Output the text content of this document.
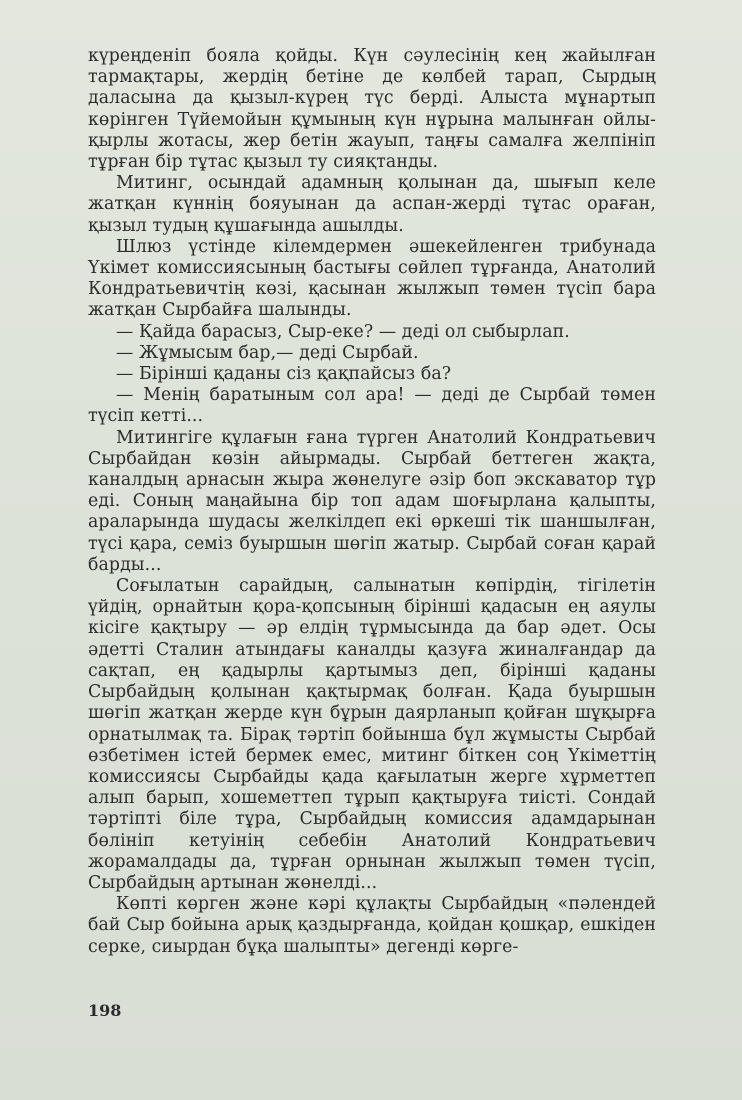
күреңденіп бояла қойды. Күн сәулесінің кең жайылған тармақтары, жердің бетіне де көлбей тарап, Сырдың даласына да қызыл-күрең түс берді. Алыста мұнартып көрінген Түйемойын құмының күн нұрына малынған ойлы-қырлы жотасы, жер бетін жауып, таңғы самалға желпініп тұрған бір тұтас қызыл ту сияқтанды.

Митинг, осындай адамның қолынан да, шығып келе жатқан күннің бояуынан да аспан-жерді тұтас ораған, қызыл тудың құшағында ашылды.

Шлюз үстінде кілемдермен әшекейленген трибунада Үкімет комиссиясының бастығы сөйлеп тұрғанда, Анатолий Кондратьевичтің көзі, қасынан жылжып төмен түсіп бара жатқан Сырбайға шалынды.

— Қайда барасыз, Сыр-еке? — деді ол сыбырлап.

— Жұмысым бар,— деді Сырбай.

— Бірінші қаданы сіз қақпайсыз ба?

— Менің баратыным сол ара! — деді де Сырбай төмен түсіп кетті...

Митингіге құлағын ғана түрген Анатолий Кондратьевич Сырбайдан көзін айырмады. Сырбай беттеген жақта, каналдың арнасын жыра жөнелуге әзір боп экскаватор тұр еді. Соның маңайына бір топ адам шоғырлана қалыпты, араларында шудасы желкілдеп екі өркеші тік шаншылған, түсі қара, семіз буыршын шөгіп жатыр. Сырбай соған қарай барды...

Соғылатын сарайдың, салынатын көпірдің, тігілетін үйдің, орнайтын қора-қопсының бірінші қадасын ең аяулы кісіге қақтыру — әр елдің тұрмысында да бар әдет. Осы әдетті Сталин атындағы каналды қазуға жиналғандар да сақтап, ең қадырлы қартымыз деп, бірінші қаданы Сырбайдың қолынан қақтырмақ болған. Қада буыршын шөгіп жатқан жерде күн бұрын даярланып қойған шұқырға орнатылмақ та. Бірақ тәртіп бойынша бұл жұмысты Сырбай өзбетімен істей бермек емес, митинг біткен соң Үкіметтің комиссиясы Сырбайды қада қағылатын жерге хұрметтеп алып барып, хошеметтеп тұрып қақтыруға тиісті. Сондай тәртіпті біле тұра, Сырбайдың комиссия адамдарынан бөлініп кетуінің себебін Анатолий Кондратьевич жорамалдады да, тұрған орнынан жылжып төмен түсіп, Сырбайдың артынан жөнелді...

Көпті көрген және кәрі құлақты Сырбайдың «пәлендей бай Сыр бойына арық қаздырғанда, қойдан қошқар, ешкіден серке, сиырдан бұқа шалыпты» дегенді көрге-

198
